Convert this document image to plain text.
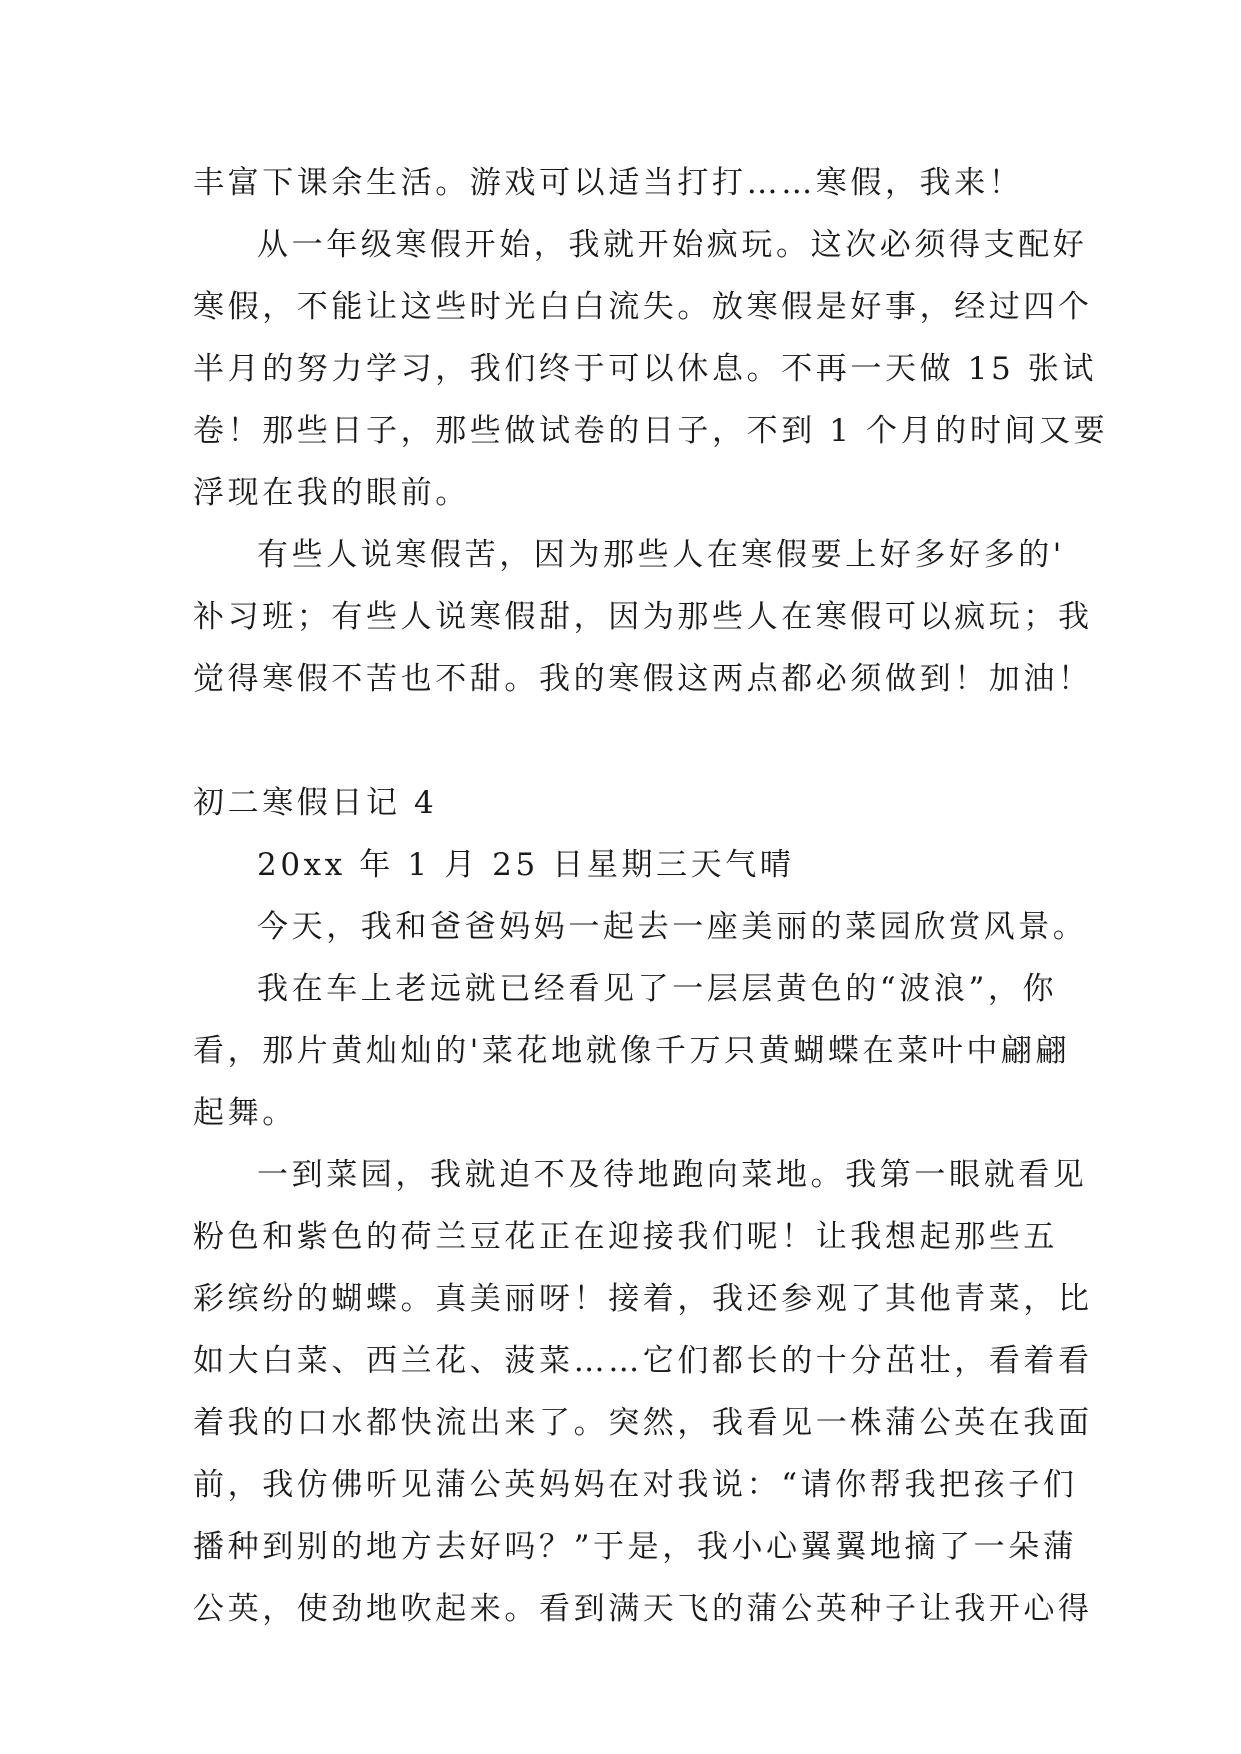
丰富下课余生活。游戏可以适当打打……寒假，我来！
从一年级寒假开始，我就开始疯玩。这次必须得支配好
寒假，不能让这些时光白白流失。放寒假是好事，经过四个
半月的努力学习，我们终于可以休息。不再一天做 15 张试
卷！那些日子，那些做试卷的日子，不到 1 个月的时间又要
浮现在我的眼前。
有些人说寒假苦，因为那些人在寒假要上好多好多的'
补习班；有些人说寒假甜，因为那些人在寒假可以疯玩；我
觉得寒假不苦也不甜。我的寒假这两点都必须做到！加油！
初二寒假日记 4
20xx 年 1 月 25 日星期三天气晴
今天，我和爸爸妈妈一起去一座美丽的菜园欣赏风景。
我在车上老远就已经看见了一层层黄色的“波浪”，你
看，那片黄灿灿的'菜花地就像千万只黄蝴蝶在菜叶中翩翩
起舞。
一到菜园，我就迫不及待地跑向菜地。我第一眼就看见
粉色和紫色的荷兰豆花正在迎接我们呢！让我想起那些五
彩缤纷的蝴蝶。真美丽呀！接着，我还参观了其他青菜，比
如大白菜、西兰花、菠菜……它们都长的十分茁壮，看着看
着我的口水都快流出来了。突然，我看见一株蒲公英在我面
前，我仿佛听见蒲公英妈妈在对我说：“请你帮我把孩子们
播种到别的地方去好吗？”于是，我小心翼翼地摘了一朵蒲
公英，使劲地吹起来。看到满天飞的蒲公英种子让我开心得
